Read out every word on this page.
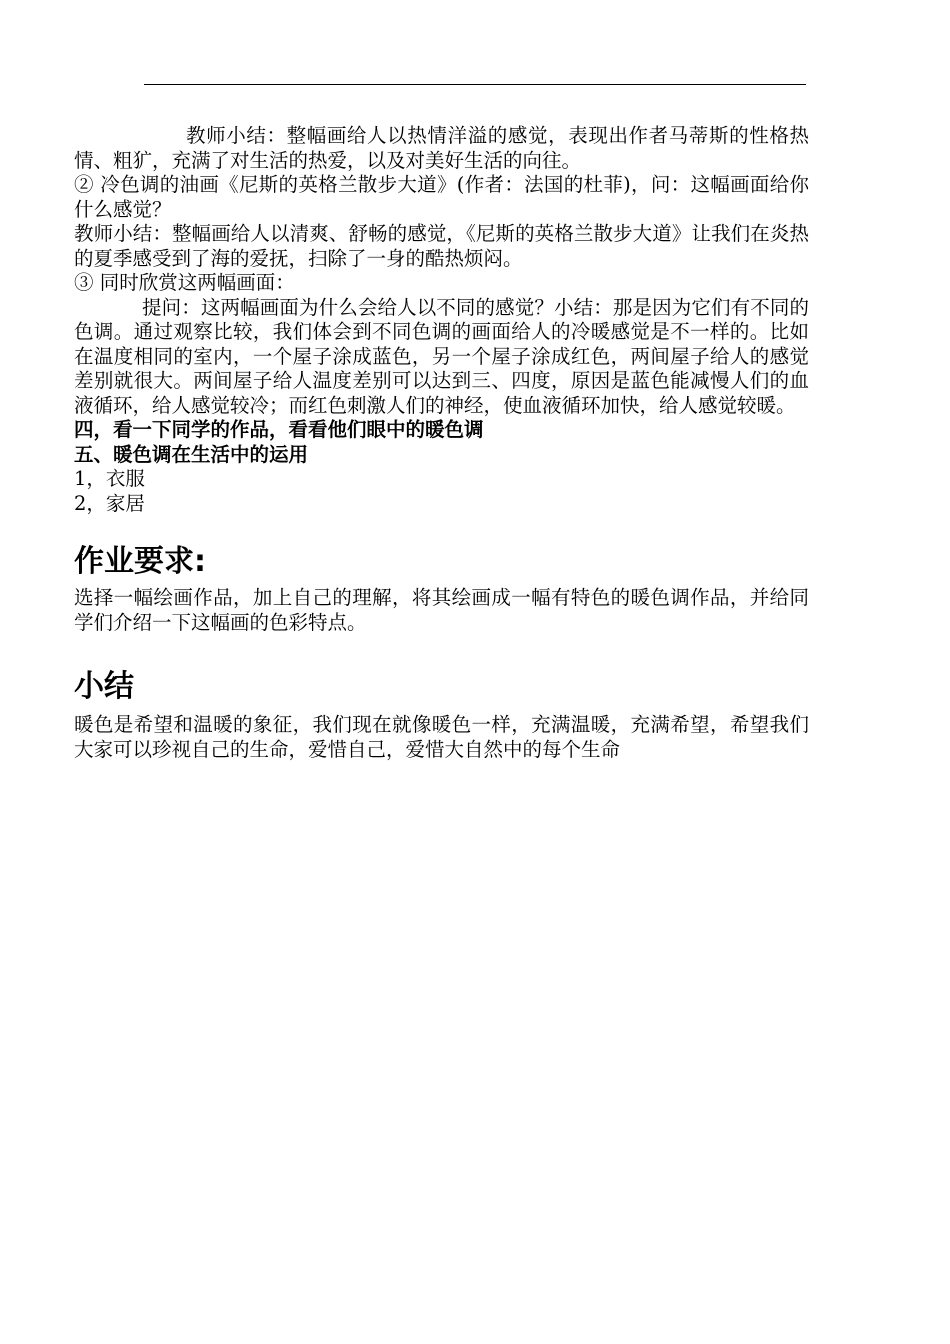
教师小结：整幅画给人以热情洋溢的感觉，表现出作者马蒂斯的性格热情、粗犷，充满了对生活的热爱，以及对美好生活的向往。

② 冷色调的油画《尼斯的英格兰散步大道》(作者：法国的杜菲)，问：这幅画面给你什么感觉？

教师小结：整幅画给人以清爽、舒畅的感觉，《尼斯的英格兰散步大道》让我们在炎热的夏季感受到了海的爱抚，扫除了一身的酷热烦闷。

③ 同时欣赏这两幅画面：

提问：这两幅画面为什么会给人以不同的感觉？小结：那是因为它们有不同的色调。通过观察比较，我们体会到不同色调的画面给人的冷暖感觉是不一样的。比如在温度相同的室内，一个屋子涂成蓝色，另一个屋子涂成红色，两间屋子给人的感觉差别就很大。两间屋子给人温度差别可以达到三、四度，原因是蓝色能减慢人们的血液循环，给人感觉较冷；而红色刺激人们的神经，使血液循环加快，给人感觉较暖。

四，看一下同学的作品，看看他们眼中的暖色调

五、暖色调在生活中的运用

1，衣服

2，家居

作业要求:

选择一幅绘画作品，加上自己的理解，将其绘画成一幅有特色的暖色调作品，并给同学们介绍一下这幅画的色彩特点。

小结

暖色是希望和温暖的象征，我们现在就像暖色一样，充满温暖，充满希望，希望我们大家可以珍视自己的生命，爱惜自己，爱惜大自然中的每个生命
